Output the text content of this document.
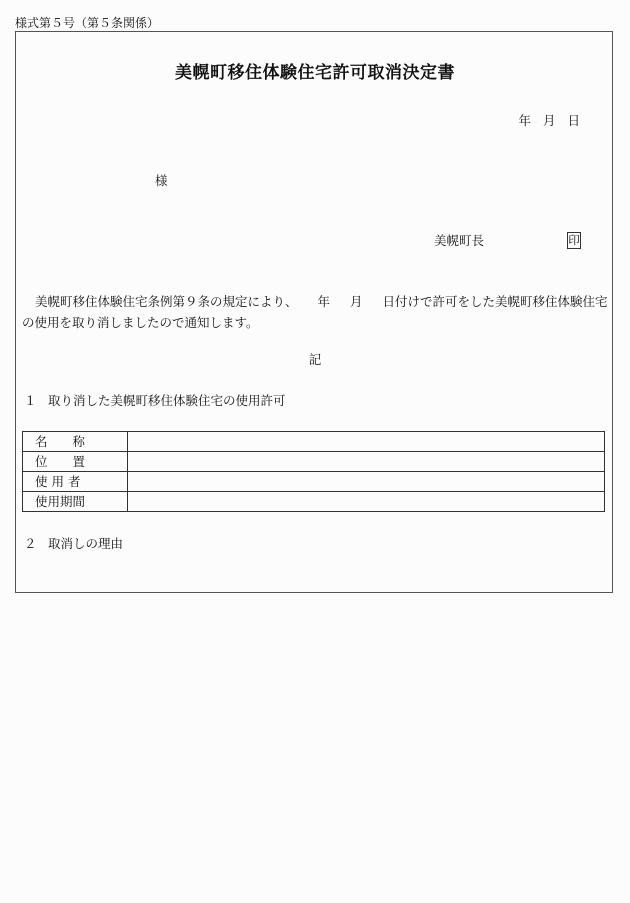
様式第５号（第５条関係）
美幌町移住体験住宅許可取消決定書
年 月 日
様
美幌町長	印
美幌町移住体験住宅条例第９条の規定により、 年 月 日付けで許可をした美幌町移住体験住宅の使用を取り消しましたので通知します。
記
１ 取り消した美幌町移住体験住宅の使用許可
名　　称	
位　　置	
使 用 者	
使用期間	
２ 取消しの理由
